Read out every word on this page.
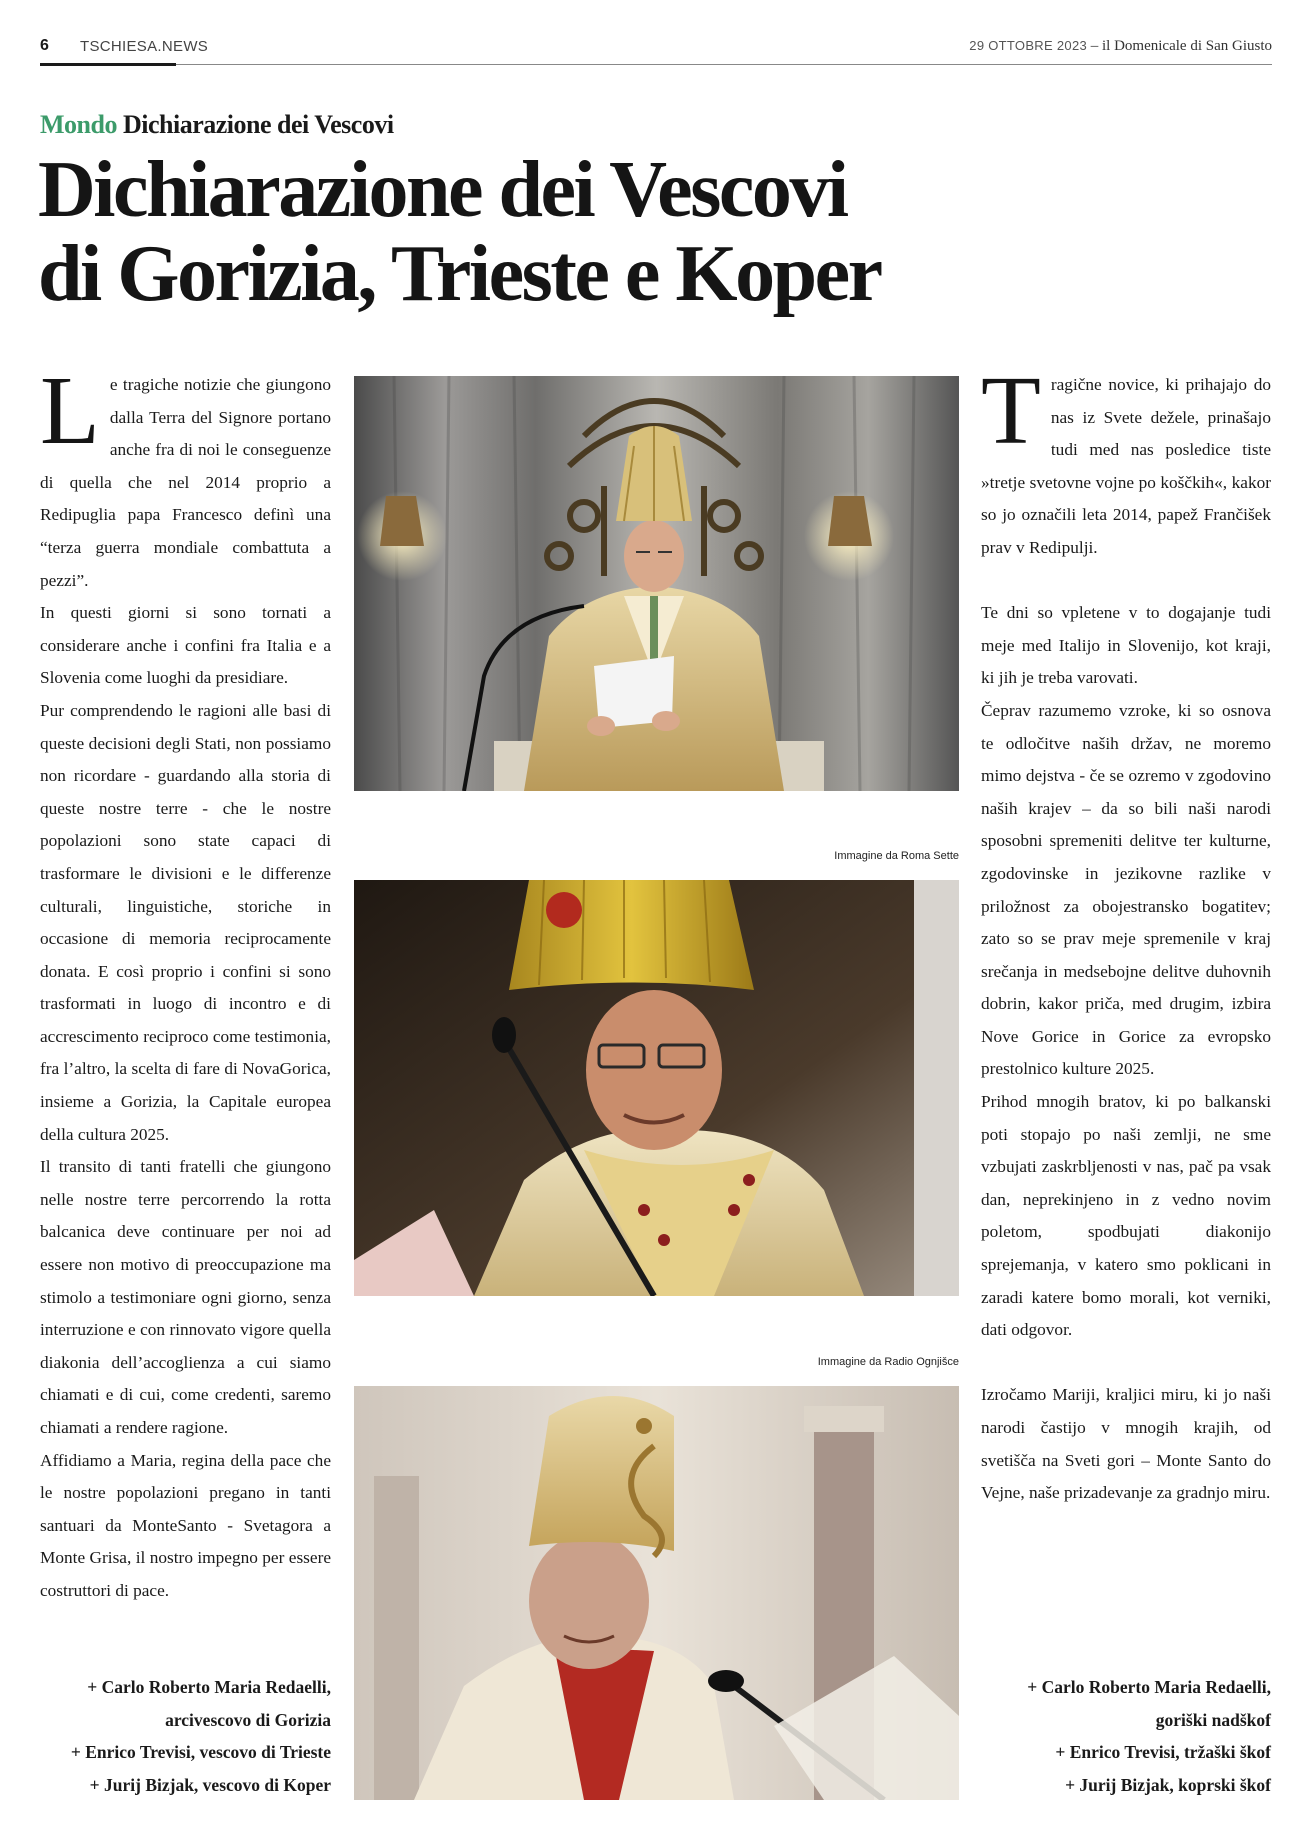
6 TSCHIESA.NEWS	29 OTTOBRE 2023 – il Domenicale di San Giusto
Mondo Dichiarazione dei Vescovi
Dichiarazione dei Vescovi
di Gorizia, Trieste e Koper

Le tragiche notizie che giungono dalla Terra del Signore portano anche fra di noi le conseguenze di quella che nel 2014 proprio a Redipuglia papa Francesco definì una “terza guerra mondiale combattuta a pezzi”.

In questi giorni si sono tornati a considerare anche i confini fra Italia e a Slovenia come luoghi da presidiare.

Pur comprendendo le ragioni alle basi di queste decisioni degli Stati, non possiamo non ricordare - guardando alla storia di queste nostre terre - che le nostre popolazioni sono state capaci di trasformare le divisioni e le differenze culturali, linguistiche, storiche in occasione di memoria reciprocamente donata. E così proprio i confini si sono trasformati in luogo di incontro e di accrescimento reciproco come testimonia, fra l’altro, la scelta di fare di NovaGorica, insieme a Gorizia, la Capitale europea della cultura 2025.

Il transito di tanti fratelli che giungono nelle nostre terre percorrendo la rotta balcanica deve continuare per noi ad essere non motivo di preoccupazione ma stimolo a testimoniare ogni giorno, senza interruzione e con rinnovato vigore quella diakonia dell’accoglienza a cui siamo chiamati e di cui, come credenti, saremo chiamati a rendere ragione.

Affidiamo a Maria, regina della pace che le nostre popolazioni pregano in tanti santuari da MonteSanto - Svetagora a Monte Grisa, il nostro impegno per essere costruttori di pace.

+ Carlo Roberto Maria Redaelli,
arcivescovo di Gorizia
+ Enrico Trevisi, vescovo di Trieste
+ Jurij Bizjak, vescovo di Koper

Tragične novice, ki prihajajo do nas iz Svete dežele, prinašajo tudi med nas posledice tiste »tretje svetovne vojne po koščkih«, kakor so jo označili leta 2014, papež Frančišek prav v Redipulji.

Te dni so vpletene v to dogajanje tudi meje med Italijo in Slovenijo, kot kraji, ki jih je treba varovati.

Čeprav razumemo vzroke, ki so osnova te odločitve naših držav, ne moremo mimo dejstva - če se ozremo v zgodovino naših krajev – da so bili naši narodi sposobni spremeniti delitve ter kulturne, zgodovinske in jezikovne razlike v priložnost za obojestransko bogatitev; zato so se prav meje spremenile v kraj srečanja in medsebojne delitve duhovnih dobrin, kakor priča, med drugim, izbira Nove Gorice in Gorice za evropsko prestolnico kulture 2025.

Prihod mnogih bratov, ki po balkanski poti stopajo po naši zemlji, ne sme vzbujati zaskrbljenosti v nas, pač pa vsak dan, neprekinjeno in z vedno novim poletom, spodbujati diakonijo sprejemanja, v katero smo poklicani in zaradi katere bomo morali, kot verniki, dati odgovor.

Izročamo Mariji, kraljici miru, ki jo naši narodi častijo v mnogih krajih, od svetišča na Sveti gori – Monte Santo do Vejne, naše prizadevanje za gradnjo miru.

+ Carlo Roberto Maria Redaelli,
goriški nadškof
+ Enrico Trevisi, tržaški škof
+ Jurij Bizjak, koprski škof
Immagine da Roma Sette
Immagine da Radio Ognjišce
